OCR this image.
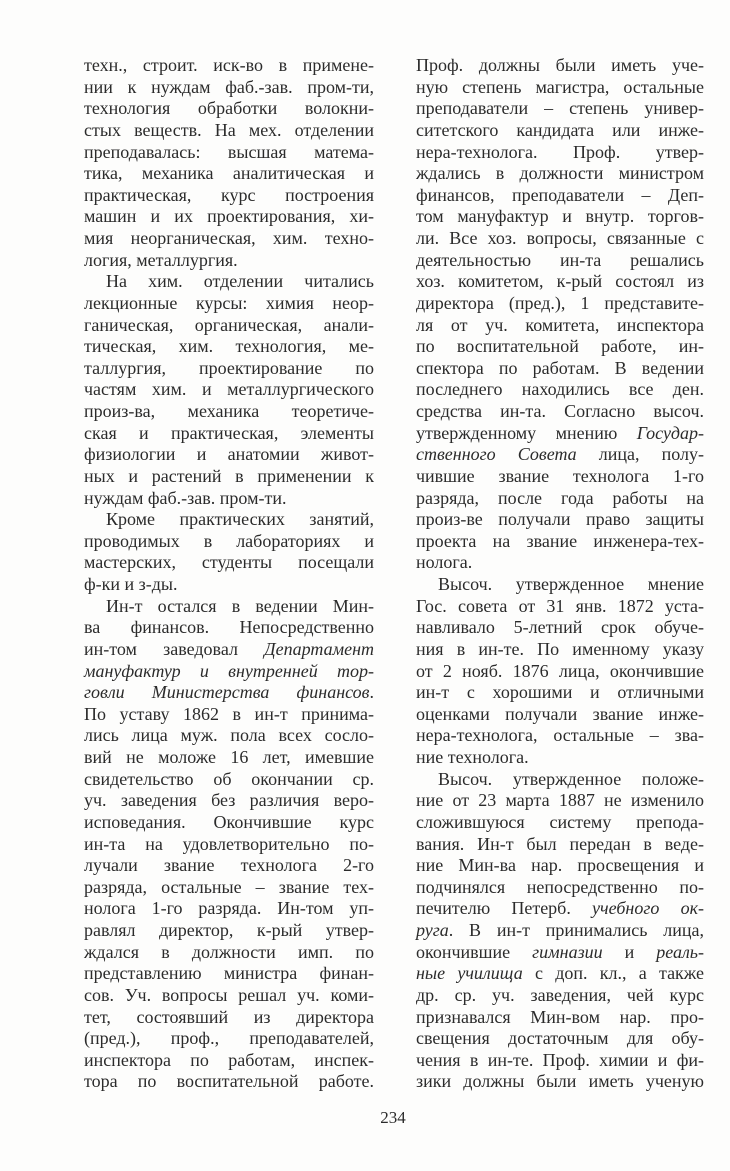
техн., строит. иск-во в примене-
нии к нуждам фаб.-зав. пром-ти,
технология обработки волокни-
стых веществ. На мех. отделении
преподавалась: высшая матема-
тика, механика аналитическая и
практическая, курс построения
машин и их проектирования, хи-
мия неорганическая, хим. техно-
логия, металлургия.
На хим. отделении читались
лекционные курсы: химия неор-
ганическая, органическая, анали-
тическая, хим. технология, ме-
таллургия, проектирование по
частям хим. и металлургического
произ-ва, механика теоретиче-
ская и практическая, элементы
физиологии и анатомии живот-
ных и растений в применении к
нуждам фаб.-зав. пром-ти.
Кроме практических занятий,
проводимых в лабораториях и
мастерских, студенты посещали
ф-ки и з-ды.
Ин-т остался в ведении Мин-
ва финансов. Непосредственно
ин-том заведовал Департамент
мануфактур и внутренней тор-
говли Министерства финансов.
По уставу 1862 в ин-т принима-
лись лица муж. пола всех сосло-
вий не моложе 16 лет, имевшие
свидетельство об окончании ср.
уч. заведения без различия веро-
исповедания. Окончившие курс
ин-та на удовлетворительно по-
лучали звание технолога 2-го
разряда, остальные – звание тех-
нолога 1-го разряда. Ин-том уп-
равлял директор, к-рый утвер-
ждался в должности имп. по
представлению министра финан-
сов. Уч. вопросы решал уч. коми-
тет, состоявший из директора
(пред.), проф., преподавателей,
инспектора по работам, инспек-
тора по воспитательной работе.
Проф. должны были иметь уче-
ную степень магистра, остальные
преподаватели – степень универ-
ситетского кандидата или инже-
нера-технолога. Проф. утвер-
ждались в должности министром
финансов, преподаватели – Деп-
том мануфактур и внутр. торгов-
ли. Все хоз. вопросы, связанные с
деятельностью ин-та решались
хоз. комитетом, к-рый состоял из
директора (пред.), 1 представите-
ля от уч. комитета, инспектора
по воспитательной работе, ин-
спектора по работам. В ведении
последнего находились все ден.
средства ин-та. Согласно высоч.
утвержденному мнению Государ-
ственного Совета лица, полу-
чившие звание технолога 1-го
разряда, после года работы на
произ-ве получали право защиты
проекта на звание инженера-тех-
нолога.
Высоч. утвержденное мнение
Гос. совета от 31 янв. 1872 уста-
навливало 5-летний срок обуче-
ния в ин-те. По именному указу
от 2 нояб. 1876 лица, окончившие
ин-т с хорошими и отличными
оценками получали звание инже-
нера-технолога, остальные – зва-
ние технолога.
Высоч. утвержденное положе-
ние от 23 марта 1887 не изменило
сложившуюся систему препода-
вания. Ин-т был передан в веде-
ние Мин-ва нар. просвещения и
подчинялся непосредственно по-
печителю Петерб. учебного ок-
руга. В ин-т принимались лица,
окончившие гимназии и реаль-
ные училища с доп. кл., а также
др. ср. уч. заведения, чей курс
признавался Мин-вом нар. про-
свещения достаточным для обу-
чения в ин-те. Проф. химии и фи-
зики должны были иметь ученую
234
